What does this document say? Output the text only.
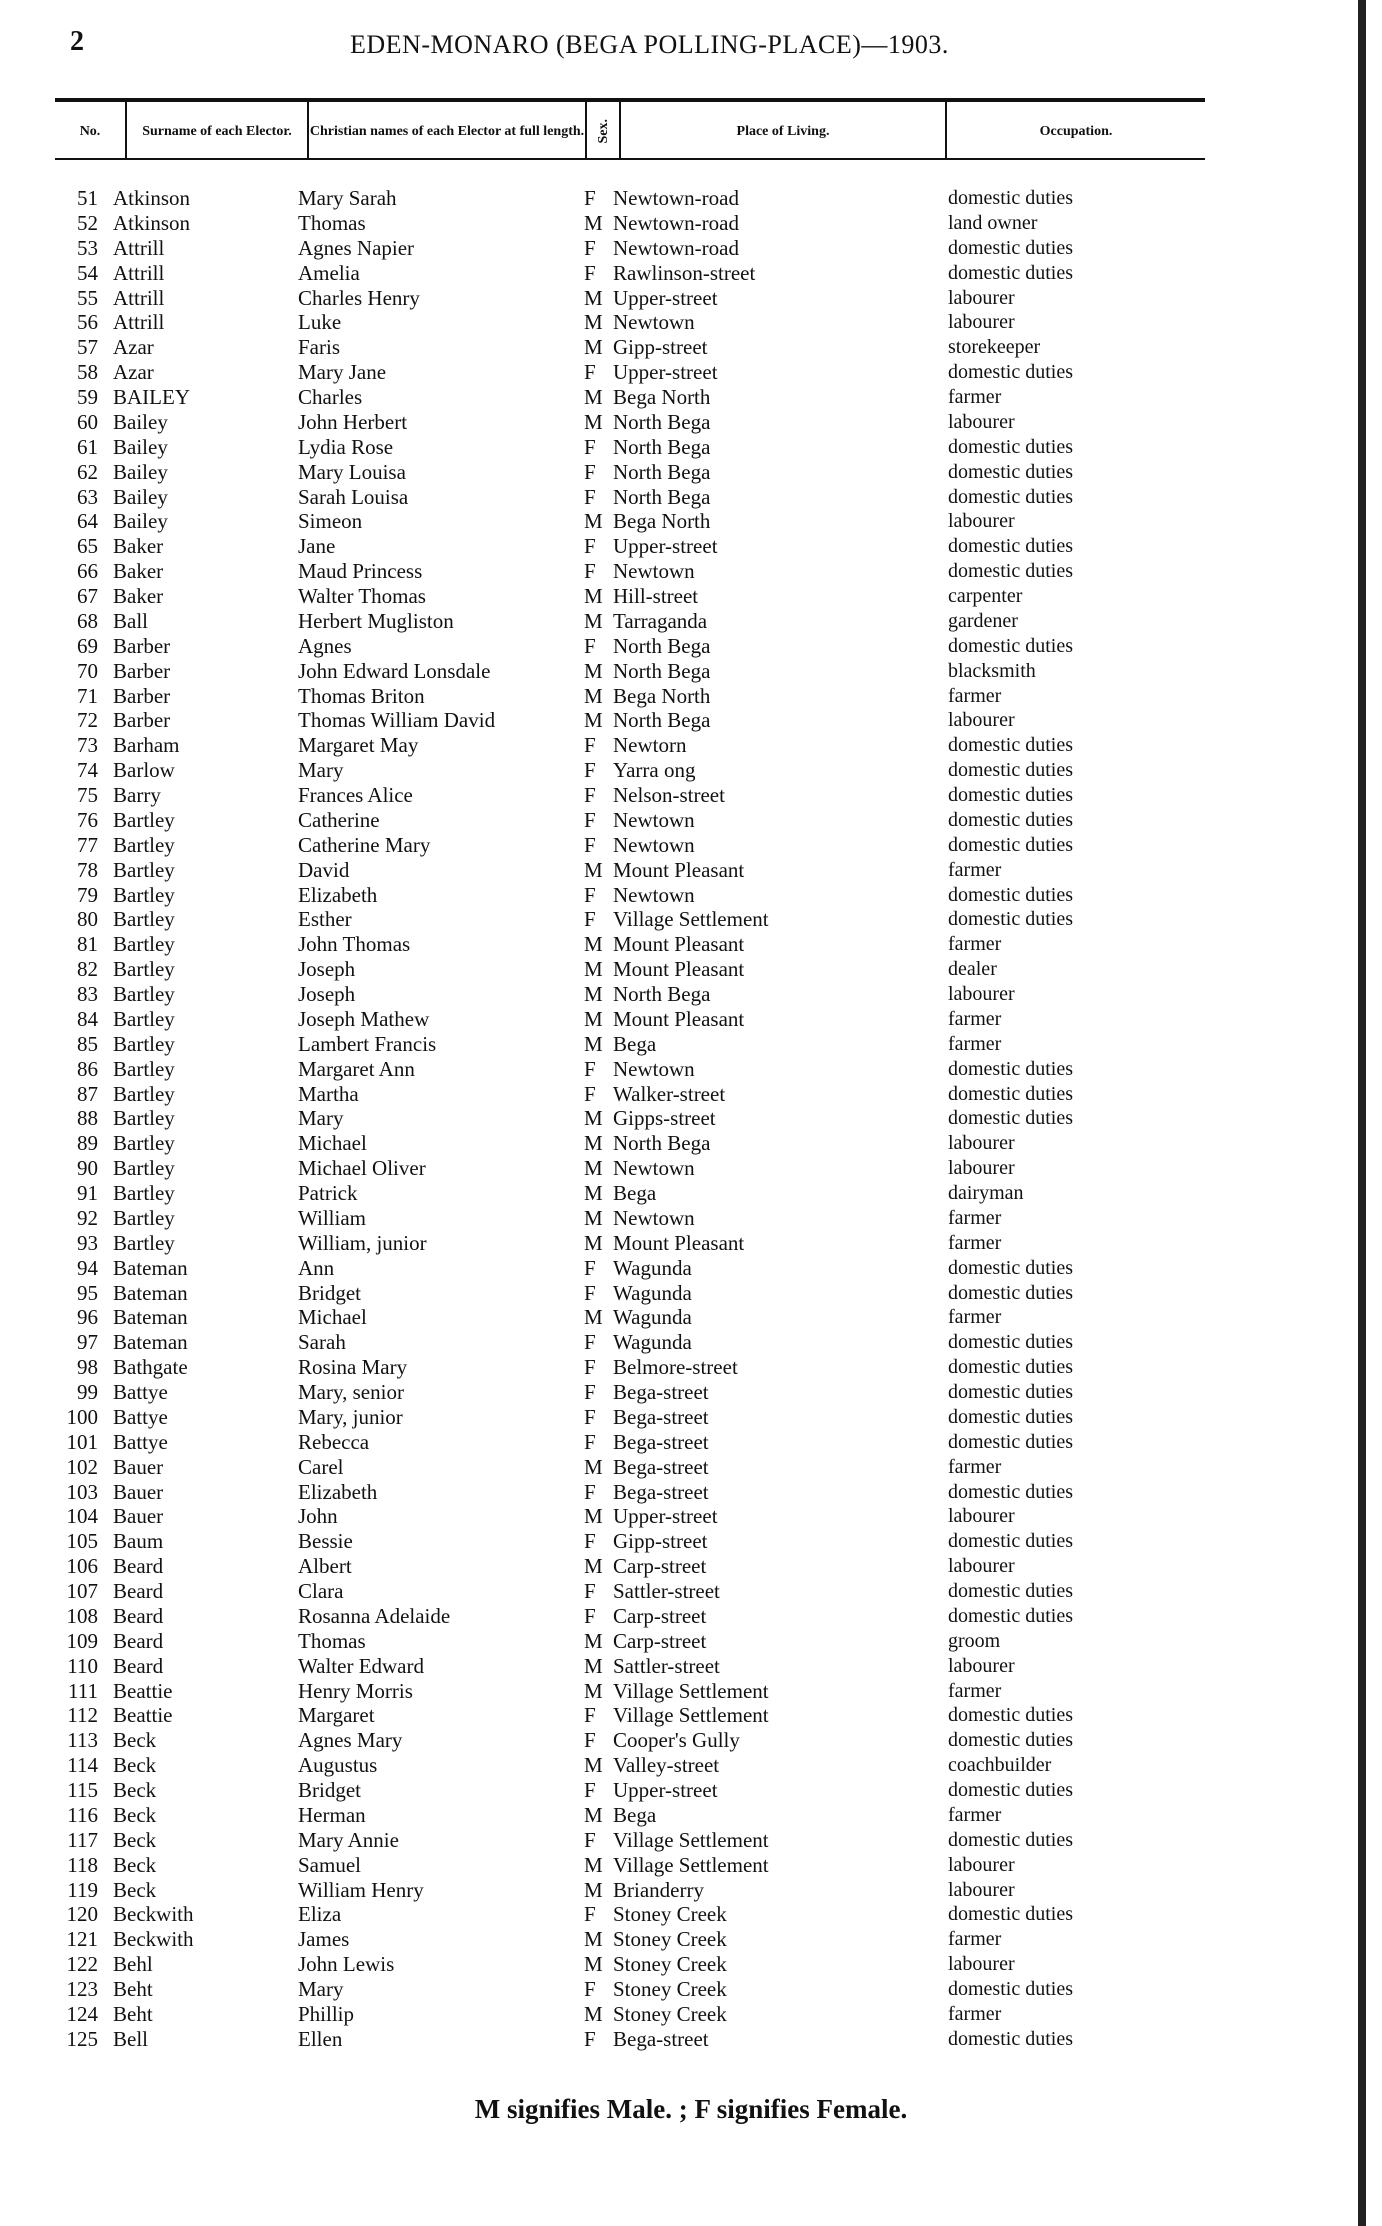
2	EDEN-MONARO (BEGA POLLING-PLACE)—1903.
No.	Surname of each Elector.	Christian names of each Elector at full length. Sex.	Place of Living.	Occupation.
51 Atkinson	Mary Sarah	F Newtown-road	domestic duties
52 Atkinson	Thomas	M Newtown-road	land owner
53 Attrill	Agnes Napier	F Newtown-road	domestic duties
54 Attrill	Amelia	F Rawlinson-street	domestic duties
55 Attrill	Charles Henry	M Upper-street	labourer
56 Attrill	Luke	M Newtown	labourer
57 Azar	Faris	M Gipp-street	storekeeper
58 Azar	Mary Jane	F Upper-street	domestic duties
59 BAILEY	Charles	M Bega North	farmer
60 Bailey	John Herbert	M North Bega	labourer
61 Bailey	Lydia Rose	F North Bega	domestic duties
62 Bailey	Mary Louisa	F North Bega	domestic duties
63 Bailey	Sarah Louisa	F North Bega	domestic duties
64 Bailey	Simeon	M Bega North	labourer
65 Baker	Jane	F Upper-street	domestic duties
66 Baker	Maud Princess	F Newtown	domestic duties
67 Baker	Walter Thomas	M Hill-street	carpenter
68 Ball	Herbert Mugliston	M Tarraganda	gardener
69 Barber	Agnes	F North Bega	domestic duties
70 Barber	John Edward Lonsdale	M North Bega	blacksmith
71 Barber	Thomas Briton	M Bega North	farmer
72 Barber	Thomas William David	M North Bega	labourer
73 Barham	Margaret May	F Newtorn	domestic duties
74 Barlow	Mary	F Yarra ong	domestic duties
75 Barry	Frances Alice	F Nelson-street	domestic duties
76 Bartley	Catherine	F Newtown	domestic duties
77 Bartley	Catherine Mary	F Newtown	domestic duties
78 Bartley	David	M Mount Pleasant	farmer
79 Bartley	Elizabeth	F Newtown	domestic duties
80 Bartley	Esther	F Village Settlement	domestic duties
81 Bartley	John Thomas	M Mount Pleasant	farmer
82 Bartley	Joseph	M Mount Pleasant	dealer
83 Bartley	Joseph	M North Bega	labourer
84 Bartley	Joseph Mathew	M Mount Pleasant	farmer
85 Bartley	Lambert Francis	M Bega	farmer
86 Bartley	Margaret Ann	F Newtown	domestic duties
87 Bartley	Martha	F Walker-street	domestic duties
88 Bartley	Mary	M Gipps-street	domestic duties
89 Bartley	Michael	M North Bega	labourer
90 Bartley	Michael Oliver	M Newtown	labourer
91 Bartley	Patrick	M Bega	dairyman
92 Bartley	William	M Newtown	farmer
93 Bartley	William, junior	M Mount Pleasant	farmer
94 Bateman	Ann	F Wagunda	domestic duties
95 Bateman	Bridget	F Wagunda	domestic duties
96 Bateman	Michael	M Wagunda	farmer
97 Bateman	Sarah	F Wagunda	domestic duties
98 Bathgate	Rosina Mary	F Belmore-street	domestic duties
99 Battye	Mary, senior	F Bega-street	domestic duties
100 Battye	Mary, junior	F Bega-street	domestic duties
101 Battye	Rebecca	F Bega-street	domestic duties
102 Bauer	Carel	M Bega-street	farmer
103 Bauer	Elizabeth	F Bega-street	domestic duties
104 Bauer	John	M Upper-street	labourer
105 Baum	Bessie	F Gipp-street	domestic duties
106 Beard	Albert	M Carp-street	labourer
107 Beard	Clara	F Sattler-street	domestic duties
108 Beard	Rosanna Adelaide	F Carp-street	domestic duties
109 Beard	Thomas	M Carp-street	groom
110 Beard	Walter Edward	M Sattler-street	labourer
111 Beattie	Henry Morris	M Village Settlement	farmer
112 Beattie	Margaret	F Village Settlement	domestic duties
113 Beck	Agnes Mary	F Cooper's Gully	domestic duties
114 Beck	Augustus	M Valley-street	coachbuilder
115 Beck	Bridget	F Upper-street	domestic duties
116 Beck	Herman	M Bega	farmer
117 Beck	Mary Annie	F Village Settlement	domestic duties
118 Beck	Samuel	M Village Settlement	labourer
119 Beck	William Henry	M Brianderry	labourer
120 Beckwith	Eliza	F Stoney Creek	domestic duties
121 Beckwith	James	M Stoney Creek	farmer
122 Behl	John Lewis	M Stoney Creek	labourer
123 Beht	Mary	F Stoney Creek	domestic duties
124 Beht	Phillip	M Stoney Creek	farmer
125 Bell	Ellen	F Bega-street	domestic duties
M signifies Male. ; F signifies Female.
